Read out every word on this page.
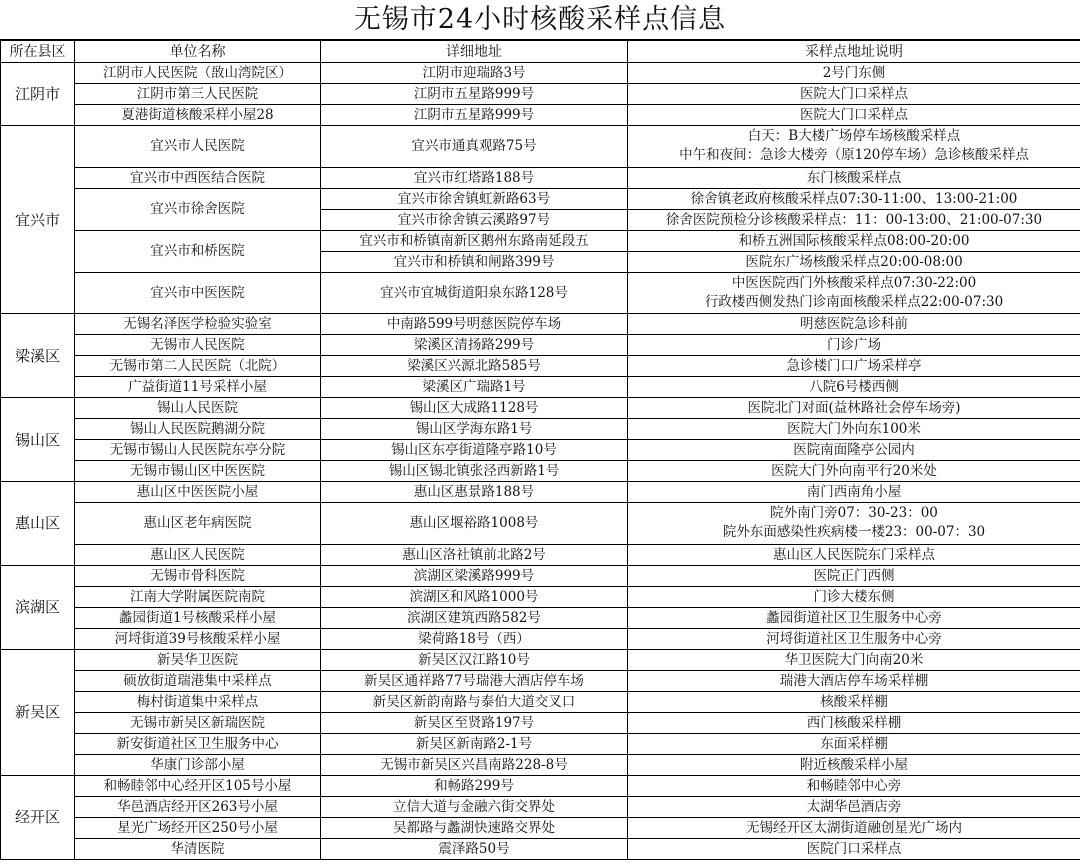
无锡市24小时核酸采样点信息
所在县区	单位名称	详细地址	采样点地址说明
江阴市	江阴市人民医院（敔山湾院区）	江阴市迎瑞路3号	2号门东侧

	江阴市第三人民医院	江阴市五星路999号	医院大门口采样点

	夏港街道核酸采样小屋28	江阴市五星路999号	医院大门口采样点

宜兴市	宜兴市人民医院	宜兴市通真观路75号	白天：B大楼广场停车场核酸采样点
中午和夜间：急诊大楼旁（原120停车场）急诊核酸采样点

	宜兴市中西医结合医院	宜兴市红塔路188号	东门核酸采样点

	宜兴市徐舍医院	宜兴市徐舍镇虹新路63号	徐舍镇老政府核酸采样点07:30-11:00、13:00-21:00

		宜兴市徐舍镇云溪路97号	徐舍医院预检分诊核酸采样点：11：00-13:00、21:00-07:30

	宜兴市和桥医院	宜兴市和桥镇南新区鹅州东路南延段五	和桥五洲国际核酸采样点08:00-20:00

		宜兴市和桥镇和闸路399号	医院东广场核酸采样点20:00-08:00

	宜兴市中医医院	宜兴市宜城街道阳泉东路128号	中医医院西门外核酸采样点07:30-22:00
行政楼西侧发热门诊南面核酸采样点22:00-07:30

梁溪区	无锡名泽医学检验实验室	中南路599号明慈医院停车场	明慈医院急诊科前

	无锡市人民医院	梁溪区清扬路299号	门诊广场

	无锡市第二人民医院（北院）	梁溪区兴源北路585号	急诊楼门口广场采样亭

	广益街道11号采样小屋	梁溪区广瑞路1号	八院6号楼西侧

锡山区	锡山人民医院	锡山区大成路1128号	医院北门对面(益林路社会停车场旁)

	锡山人民医院鹅湖分院	锡山区学海东路1号	医院大门外向东100米

	无锡市锡山人民医院东亭分院	锡山区东亭街道隆亭路10号	医院南面隆亭公园内

	无锡市锡山区中医医院	锡山区锡北镇张泾西新路1号	医院大门外向南平行20米处

惠山区	惠山区中医医院小屋	惠山区惠景路188号	南门西南角小屋

	惠山区老年病医院	惠山区堰裕路1008号	院外南门旁07：30-23：00
院外东面感染性疾病楼一楼23：00-07：30

	惠山区人民医院	惠山区洛社镇前北路2号	惠山区人民医院东门采样点

滨湖区	无锡市骨科医院	滨湖区梁溪路999号	医院正门西侧

	江南大学附属医院南院	滨湖区和风路1000号	门诊大楼东侧

	蠡园街道1号核酸采样小屋	滨湖区建筑西路582号	蠡园街道社区卫生服务中心旁

	河埒街道39号核酸采样小屋	梁荷路18号（西）	河埒街道社区卫生服务中心旁

新吴区	新吴华卫医院	新吴区汉江路10号	华卫医院大门向南20米

	硕放街道瑞港集中采样点	新吴区通祥路77号瑞港大酒店停车场	瑞港大酒店停车场采样棚

	梅村街道集中采样点	新吴区新韵南路与泰伯大道交叉口	核酸采样棚

	无锡市新吴区新瑞医院	新吴区至贤路197号	西门核酸采样棚

	新安街道社区卫生服务中心	新吴区新南路2-1号	东面采样棚

	华康门诊部小屋	无锡市新吴区兴昌南路228-8号	附近核酸采样小屋

经开区	和畅睦邻中心经开区105号小屋	和畅路299号	和畅睦邻中心旁

	华邑酒店经开区263号小屋	立信大道与金融六街交界处	太湖华邑酒店旁

	星光广场经开区250号小屋	吴都路与蠡湖快速路交界处	无锡经开区太湖街道融创星光广场内

	华清医院	震泽路50号	医院门口采样点
